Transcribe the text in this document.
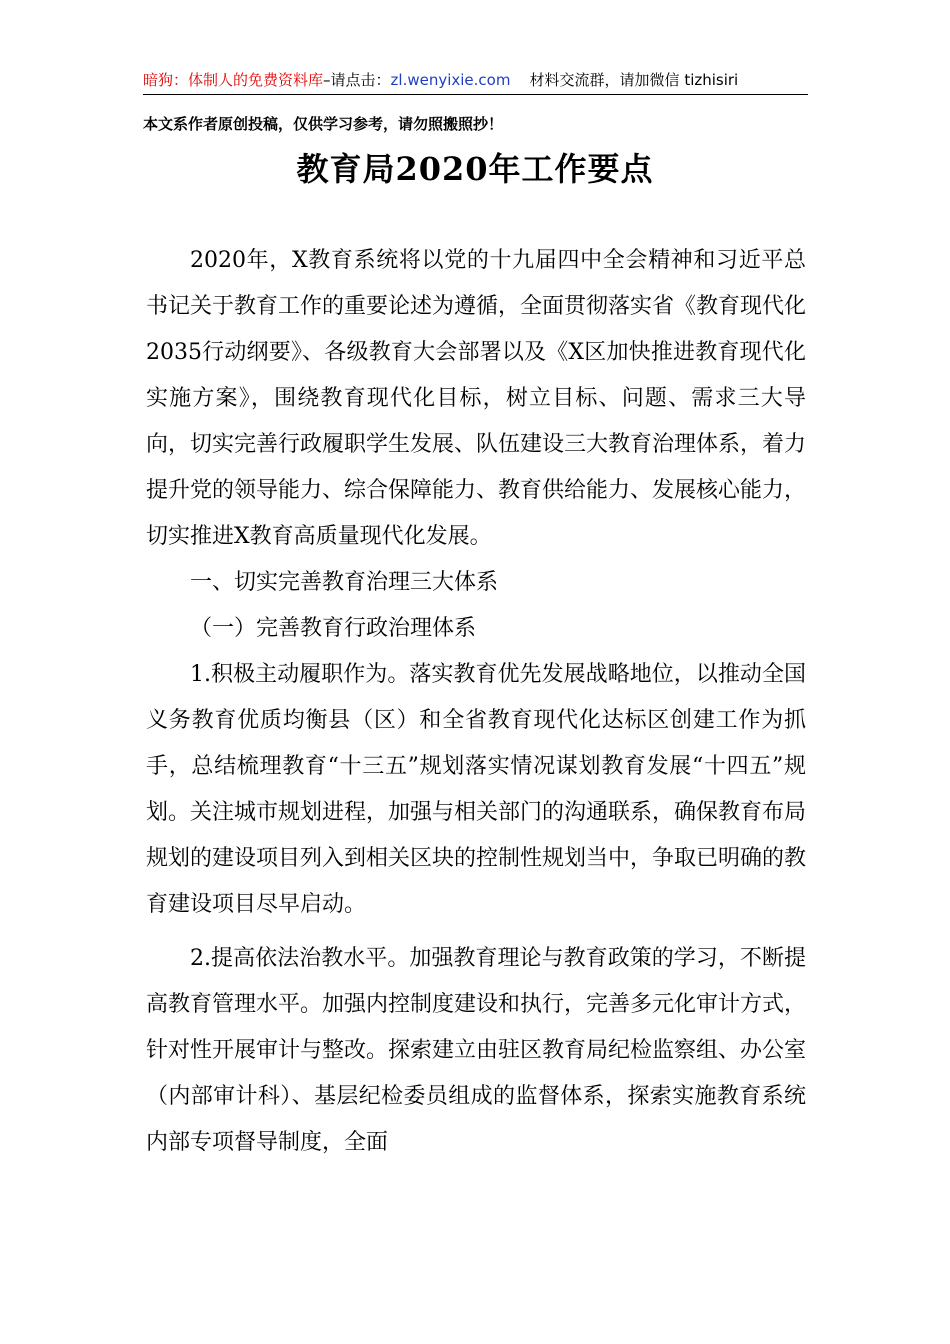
暗狗：体制人的免费资料库–请点击：zl.wenyixie.com 材料交流群，请加微信 tizhisiri
本文系作者原创投稿，仅供学习参考，请勿照搬照抄！
教育局2020年工作要点

2020年，X教育系统将以党的十九届四中全会精神和习近平总书记关于教育工作的重要论述为遵循，全面贯彻落实省《教育现代化2035行动纲要》、各级教育大会部署以及《X区加快推进教育现代化实施方案》，围绕教育现代化目标，树立目标、问题、需求三大导向，切实完善行政履职学生发展、队伍建设三大教育治理体系，着力提升党的领导能力、综合保障能力、教育供给能力、发展核心能力，切实推进X教育高质量现代化发展。

一、切实完善教育治理三大体系

（一）完善教育行政治理体系

1.积极主动履职作为。落实教育优先发展战略地位，以推动全国义务教育优质均衡县（区）和全省教育现代化达标区创建工作为抓手，总结梳理教育“十三五”规划落实情况谋划教育发展“十四五”规划。关注城市规划进程，加强与相关部门的沟通联系，确保教育布局规划的建设项目列入到相关区块的控制性规划当中，争取已明确的教育建设项目尽早启动。

2.提高依法治教水平。加强教育理论与教育政策的学习，不断提高教育管理水平。加强内控制度建设和执行，完善多元化审计方式，针对性开展审计与整改。探索建立由驻区教育局纪检监察组、办公室（内部审计科）、基层纪检委员组成的监督体系，探索实施教育系统内部专项督导制度，全面
